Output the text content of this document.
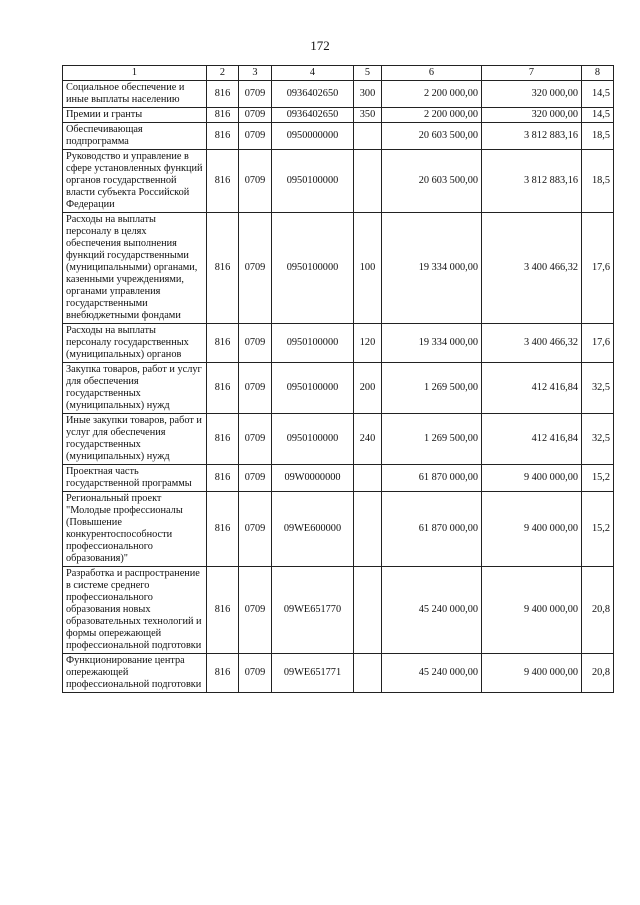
172
1	2	3	4	5	6	7	8
Социальное обеспечение и иные выплаты населению	816	0709	0936402650	300	2 200 000,00	320 000,00	14,5
Премии и гранты	816	0709	0936402650	350	2 200 000,00	320 000,00	14,5
Обеспечивающая подпрограмма	816	0709	0950000000		20 603 500,00	3 812 883,16	18,5
Руководство и управление в сфере установленных функций органов государственной власти субъекта Российской Федерации	816	0709	0950100000		20 603 500,00	3 812 883,16	18,5
Расходы на выплаты персоналу в целях обеспечения выполнения функций государственными (муниципальными) органами, казенными учреждениями, органами управления государственными внебюджетными фондами	816	0709	0950100000	100	19 334 000,00	3 400 466,32	17,6
Расходы на выплаты персоналу государственных (муниципальных) органов	816	0709	0950100000	120	19 334 000,00	3 400 466,32	17,6
Закупка товаров, работ и услуг для обеспечения государственных (муниципальных) нужд	816	0709	0950100000	200	1 269 500,00	412 416,84	32,5
Иные закупки товаров, работ и услуг для обеспечения государственных (муниципальных) нужд	816	0709	0950100000	240	1 269 500,00	412 416,84	32,5
Проектная часть государственной программы	816	0709	09W0000000		61 870 000,00	9 400 000,00	15,2
Региональный проект "Молодые профессионалы (Повышение конкурентоспособности профессионального образования)"	816	0709	09WE600000		61 870 000,00	9 400 000,00	15,2
Разработка и распространение в системе среднего профессионального образования новых образовательных технологий и формы опережающей профессиональной подготовки	816	0709	09WE651770		45 240 000,00	9 400 000,00	20,8
Функционирование центра опережающей профессиональной подготовки	816	0709	09WE651771		45 240 000,00	9 400 000,00	20,8
